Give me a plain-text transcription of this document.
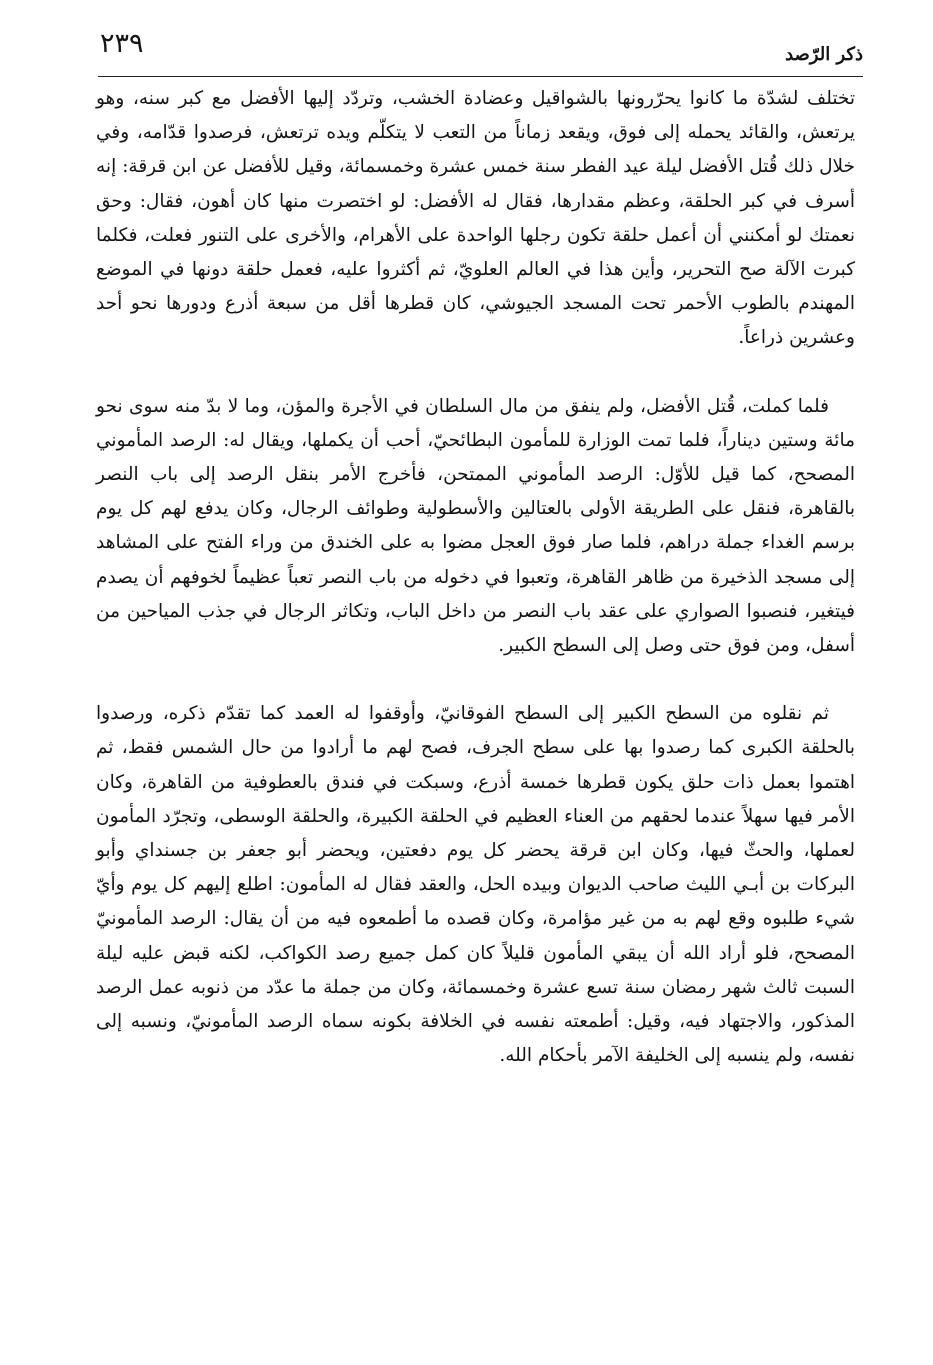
٢٣٩	ذكر الرّصد

تختلف لشدّة ما كانوا يحرّرونها بالشواقيل وعضادة الخشب، وتردّد إليها الأفضل مع كبر سنه، وهو يرتعش، والقائد يحمله إلى فوق، ويقعد زماناً من التعب لا يتكلّم ويده ترتعش، فرصدوا قدّامه، وفي خلال ذلك قُتل الأفضل ليلة عيد الفطر سنة خمس عشرة وخمسمائة، وقيل للأفضل عن ابن قرقة: إنه أسرف في كبر الحلقة، وعظم مقدارها، فقال له الأفضل: لو اختصرت منها كان أهون، فقال: وحق نعمتك لو أمكنني أن أعمل حلقة تكون رجلها الواحدة على الأهرام، والأخرى على التنور فعلت، فكلما كبرت الآلة صح التحرير، وأين هذا في العالم العلويّ، ثم أكثروا عليه، فعمل حلقة دونها في الموضع المهندم بالطوب الأحمر تحت المسجد الجيوشي، كان قطرها أقل من سبعة أذرع ودورها نحو أحد وعشرين ذراعاً.

فلما كملت، قُتل الأفضل، ولم ينفق من مال السلطان في الأجرة والمؤن، وما لا بدّ منه سوى نحو مائة وستين ديناراً، فلما تمت الوزارة للمأمون البطائحيّ، أحب أن يكملها، ويقال له: الرصد المأموني المصحح، كما قيل للأوّل: الرصد المأموني الممتحن، فأخرج الأمر بنقل الرصد إلى باب النصر بالقاهرة، فنقل على الطريقة الأولى بالعتالين والأسطولية وطوائف الرجال، وكان يدفع لهم كل يوم برسم الغداء جملة دراهم، فلما صار فوق العجل مضوا به على الخندق من وراء الفتح على المشاهد إلى مسجد الذخيرة من ظاهر القاهرة، وتعبوا في دخوله من باب النصر تعباً عظيماً لخوفهم أن يصدم فيتغير، فنصبوا الصواري على عقد باب النصر من داخل الباب، وتكاثر الرجال في جذب المياحين من أسفل، ومن فوق حتى وصل إلى السطح الكبير.

ثم نقلوه من السطح الكبير إلى السطح الفوقانيّ، وأوقفوا له العمد كما تقدّم ذكره، ورصدوا بالحلقة الكبرى كما رصدوا بها على سطح الجرف، فصح لهم ما أرادوا من حال الشمس فقط، ثم اهتموا بعمل ذات حلق يكون قطرها خمسة أذرع، وسبكت في فندق بالعطوفية من القاهرة، وكان الأمر فيها سهلاً عندما لحقهم من العناء العظيم في الحلقة الكبيرة، والحلقة الوسطى، وتجرّد المأمون لعملها، والحثّ فيها، وكان ابن قرقة يحضر كل يوم دفعتين، ويحضر أبو جعفر بن جسنداي وأبو البركات بن أبـي الليث صاحب الديوان وبيده الحل، والعقد فقال له المأمون: اطلع إليهم كل يوم وأيّ شيء طلبوه وقع لهم به من غير مؤامرة، وكان قصده ما أطمعوه فيه من أن يقال: الرصد المأمونيّ المصحح، فلو أراد الله أن يبقي المأمون قليلاً كان كمل جميع رصد الكواكب، لكنه قبض عليه ليلة السبت ثالث شهر رمضان سنة تسع عشرة وخمسمائة، وكان من جملة ما عدّد من ذنوبه عمل الرصد المذكور، والاجتهاد فيه، وقيل: أطمعته نفسه في الخلافة بكونه سماه الرصد المأمونيّ، ونسبه إلى نفسه، ولم ينسبه إلى الخليفة الآمر بأحكام الله.
